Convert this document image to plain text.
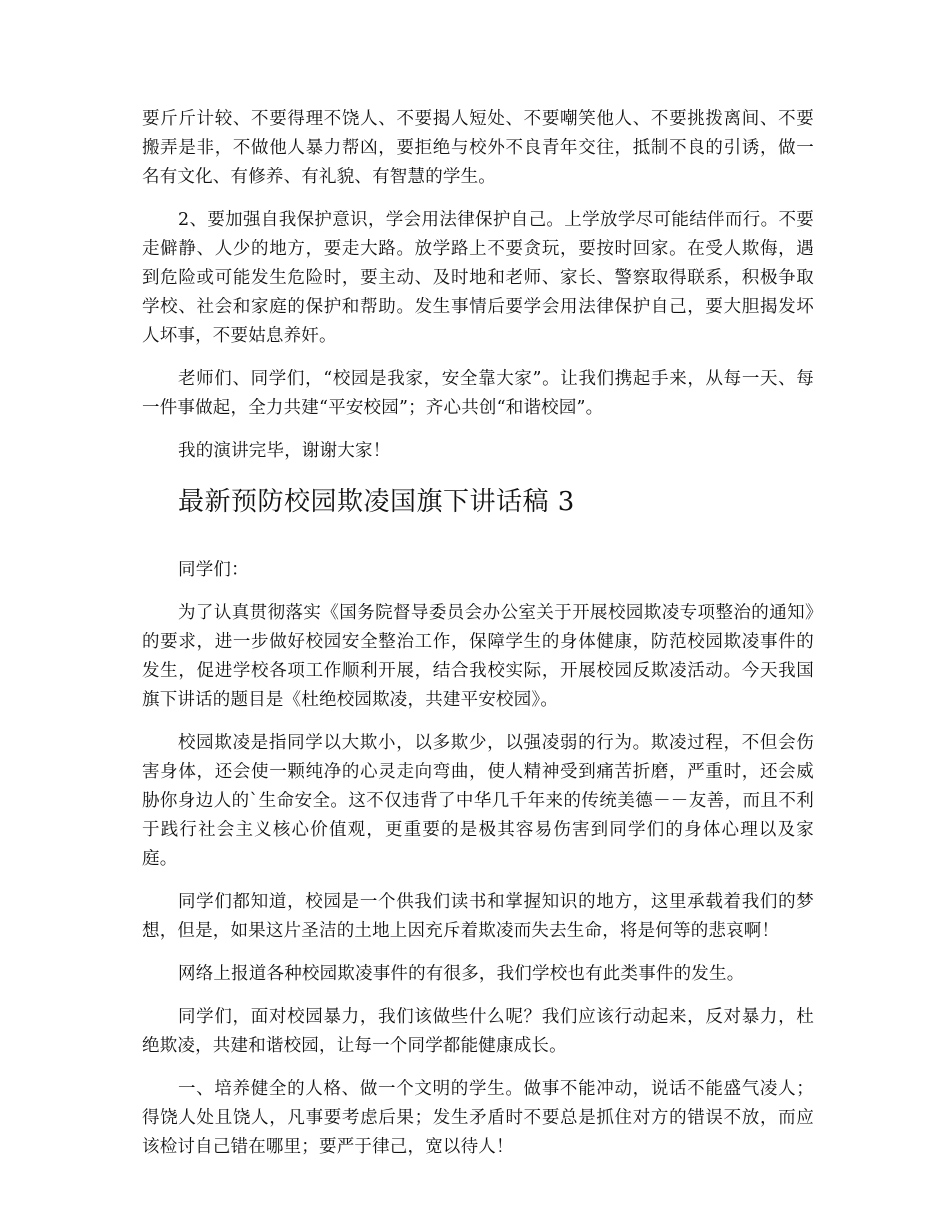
要斤斤计较、不要得理不饶人、不要揭人短处、不要嘲笑他人、不要挑拨离间、不要搬弄是非，不做他人暴力帮凶，要拒绝与校外不良青年交往，抵制不良的引诱，做一名有文化、有修养、有礼貌、有智慧的学生。

2、要加强自我保护意识，学会用法律保护自己。上学放学尽可能结伴而行。不要走僻静、人少的地方，要走大路。放学路上不要贪玩，要按时回家。在受人欺侮，遇到危险或可能发生危险时，要主动、及时地和老师、家长、警察取得联系，积极争取学校、社会和家庭的保护和帮助。发生事情后要学会用法律保护自己，要大胆揭发坏人坏事，不要姑息养奸。

老师们、同学们，“校园是我家，安全靠大家”。让我们携起手来，从每一天、每一件事做起，全力共建“平安校园”；齐心共创“和谐校园”。

我的演讲完毕，谢谢大家！

最新预防校园欺凌国旗下讲话稿 3

同学们：

为了认真贯彻落实《国务院督导委员会办公室关于开展校园欺凌专项整治的通知》的要求，进一步做好校园安全整治工作，保障学生的身体健康，防范校园欺凌事件的发生，促进学校各项工作顺利开展，结合我校实际，开展校园反欺凌活动。今天我国旗下讲话的题目是《杜绝校园欺凌，共建平安校园》。

校园欺凌是指同学以大欺小，以多欺少，以强凌弱的行为。欺凌过程，不但会伤害身体，还会使一颗纯净的心灵走向弯曲，使人精神受到痛苦折磨，严重时，还会威胁你身边人的`生命安全。这不仅违背了中华几千年来的传统美德－－友善，而且不利于践行社会主义核心价值观，更重要的是极其容易伤害到同学们的身体心理以及家庭。

同学们都知道，校园是一个供我们读书和掌握知识的地方，这里承载着我们的梦想，但是，如果这片圣洁的土地上因充斥着欺凌而失去生命，将是何等的悲哀啊！

网络上报道各种校园欺凌事件的有很多，我们学校也有此类事件的发生。

同学们，面对校园暴力，我们该做些什么呢？我们应该行动起来，反对暴力，杜绝欺凌，共建和谐校园，让每一个同学都能健康成长。

一、培养健全的人格、做一个文明的学生。做事不能冲动，说话不能盛气凌人；得饶人处且饶人，凡事要考虑后果；发生矛盾时不要总是抓住对方的错误不放，而应该检讨自己错在哪里；要严于律己，宽以待人！
